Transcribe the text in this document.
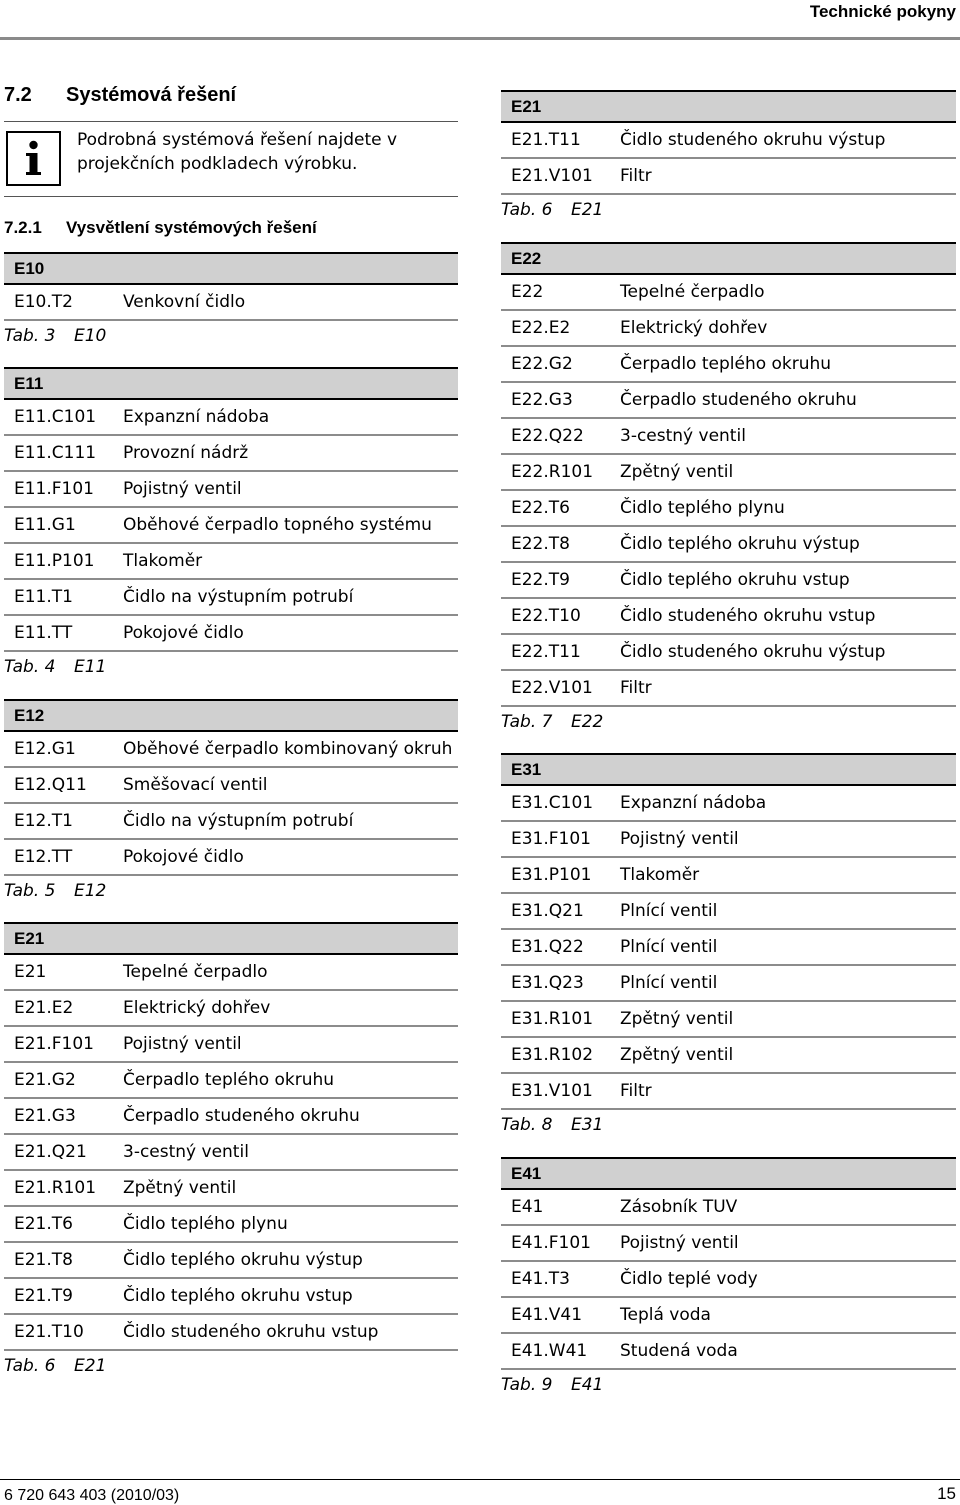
Technické pokyny
7.2 Systémová řešení
Podrobná systémová řešení najdete v projekčních podkladech výrobku.
7.2.1 Vysvětlení systémových řešení
E10
E10.T2	Venkovní čidlo
Tab. 3 E10
E11
E11.C101 Expanzní nádoba
E11.C111 Provozní nádrž
E11.F101 Pojistný ventil
E11.G1	Oběhové čerpadlo topného systému
E11.P101 Tlakoměr
E11.T1	Čidlo na výstupním potrubí
E11.TT	Pokojové čidlo
Tab. 4 E11
E12
E12.G1	Oběhové čerpadlo kombinovaný okruh
E12.Q11 Směšovací ventil
E12.T1	Čidlo na výstupním potrubí
E12.TT	Pokojové čidlo
Tab. 5 E12
E21
E21	Tepelné čerpadlo
E21.E2	Elektrický dohřev
E21.F101 Pojistný ventil
E21.G2	Čerpadlo teplého okruhu
E21.G3	Čerpadlo studeného okruhu
E21.Q21 3-cestný ventil
E21.R101 Zpětný ventil
E21.T6	Čidlo teplého plynu
E21.T8	Čidlo teplého okruhu výstup
E21.T9	Čidlo teplého okruhu vstup
E21.T10 Čidlo studeného okruhu vstup
Tab. 6 E21
E21
E21.T11 Čidlo studeného okruhu výstup
E21.V101 Filtr
Tab. 6 E21
E22
E22	Tepelné čerpadlo
E22.E2	Elektrický dohřev
E22.G2	Čerpadlo teplého okruhu
E22.G3	Čerpadlo studeného okruhu
E22.Q22 3-cestný ventil
E22.R101 Zpětný ventil
E22.T6	Čidlo teplého plynu
E22.T8	Čidlo teplého okruhu výstup
E22.T9	Čidlo teplého okruhu vstup
E22.T10 Čidlo studeného okruhu vstup
E22.T11 Čidlo studeného okruhu výstup
E22.V101 Filtr
Tab. 7 E22
E31
E31.C101 Expanzní nádoba
E31.F101 Pojistný ventil
E31.P101 Tlakoměr
E31.Q21 Plnící ventil
E31.Q22 Plnící ventil
E31.Q23 Plnící ventil
E31.R101 Zpětný ventil
E31.R102 Zpětný ventil
E31.V101 Filtr
Tab. 8 E31
E41
E41	Zásobník TUV
E41.F101 Pojistný ventil
E41.T3	Čidlo teplé vody
E41.V41 Teplá voda
E41.W41 Studená voda
Tab. 9 E41
6 720 643 403 (2010/03)	15
